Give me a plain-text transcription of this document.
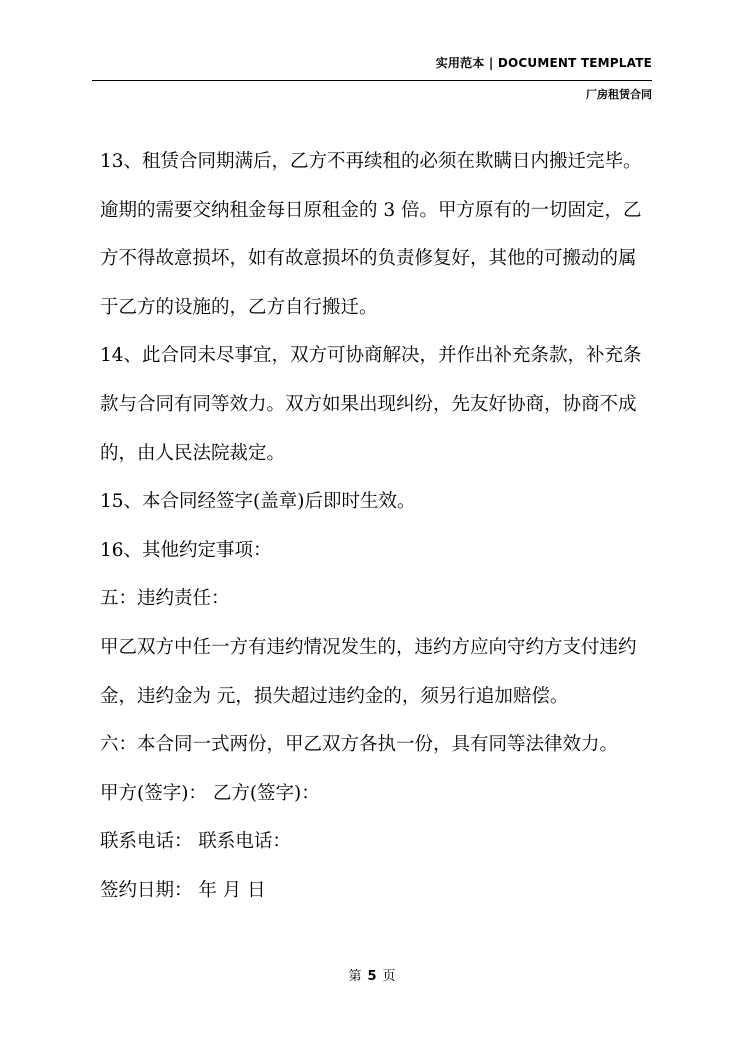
实用范本 | DOCUMENT TEMPLATE
厂房租赁合同

13、租赁合同期满后，乙方不再续租的必须在欺瞒日内搬迁完毕。

逾期的需要交纳租金每日原租金的 3 倍。甲方原有的一切固定，乙

方不得故意损坏，如有故意损坏的负责修复好，其他的可搬动的属

于乙方的设施的，乙方自行搬迁。

14、此合同未尽事宜，双方可协商解决，并作出补充条款，补充条

款与合同有同等效力。双方如果出现纠纷，先友好协商，协商不成

的，由人民法院裁定。

15、本合同经签字(盖章)后即时生效。

16、其他约定事项：

五：违约责任：

甲乙双方中任一方有违约情况发生的，违约方应向守约方支付违约

金，违约金为 元，损失超过违约金的，须另行追加赔偿。

六：本合同一式两份，甲乙双方各执一份，具有同等法律效力。

甲方(签字)： 乙方(签字)：

联系电话： 联系电话：

签约日期： 年 月 日

第 5 页
